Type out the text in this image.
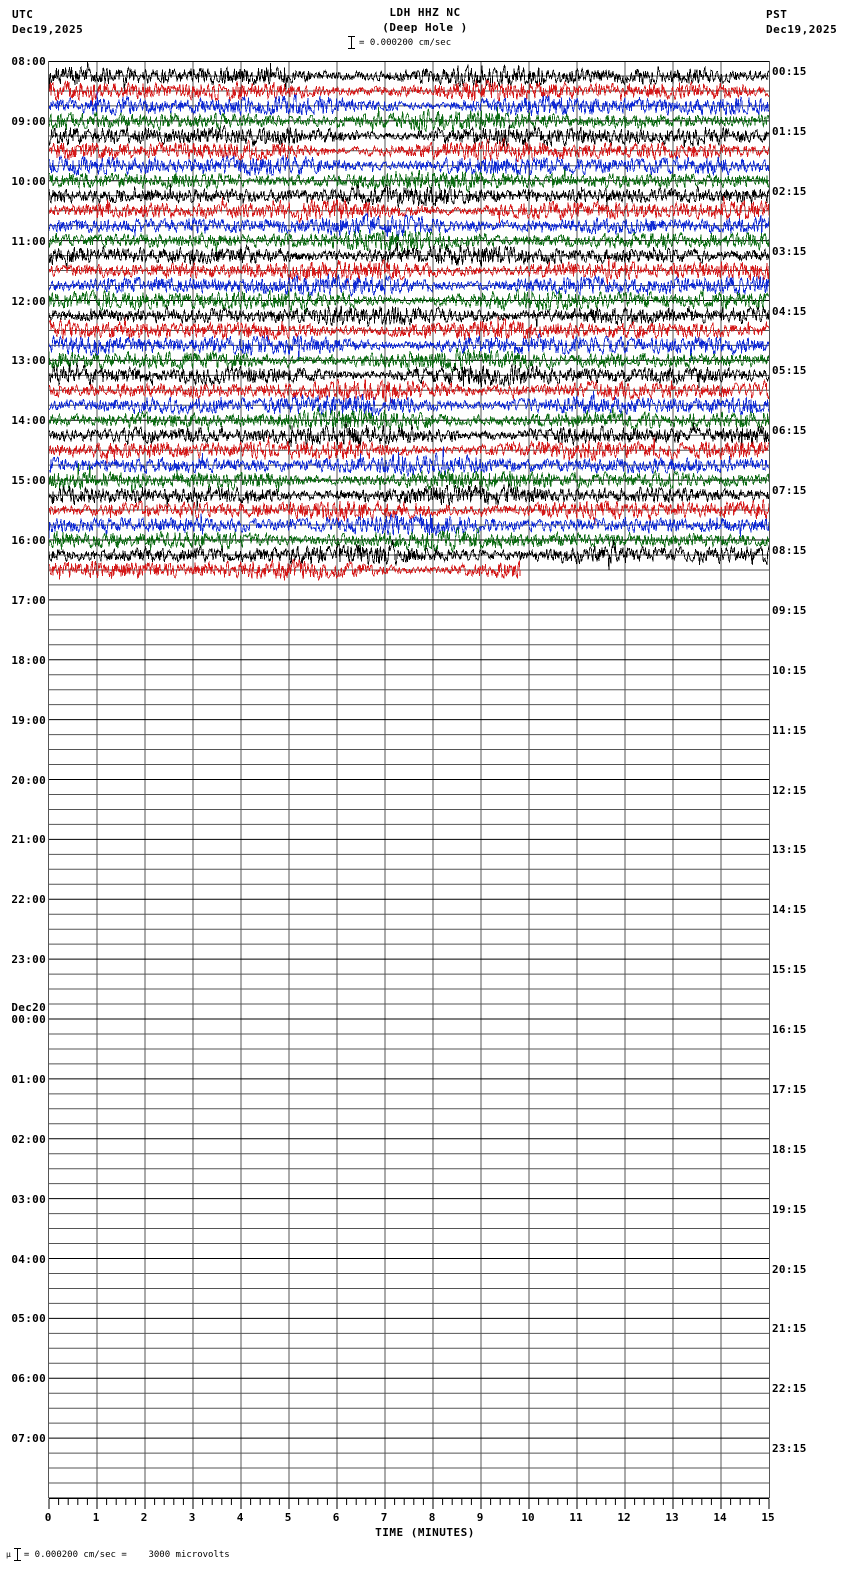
UTC
Dec19,2025
PST
Dec19,2025
LDH HHZ NC
(Deep Hole )
= 0.000200 cm/sec
08:00
09:00
10:00
11:00
12:00
13:00
14:00
15:00
16:00
17:00
18:00
19:00
20:00
21:00
22:00
23:00
00:00
01:00
02:00
03:00
04:00
05:00
06:00
07:00
Dec20
00:15
01:15
02:15
03:15
04:15
05:15
06:15
07:15
08:15
09:15
10:15
11:15
12:15
13:15
14:15
15:15
16:15
17:15
18:15
19:15
20:15
21:15
22:15
23:15
0	1	2	3	4	5	6	7	8	9	10	11	12	13	14	15
TIME (MINUTES)
μ = 0.000200 cm/sec =    3000 microvolts
